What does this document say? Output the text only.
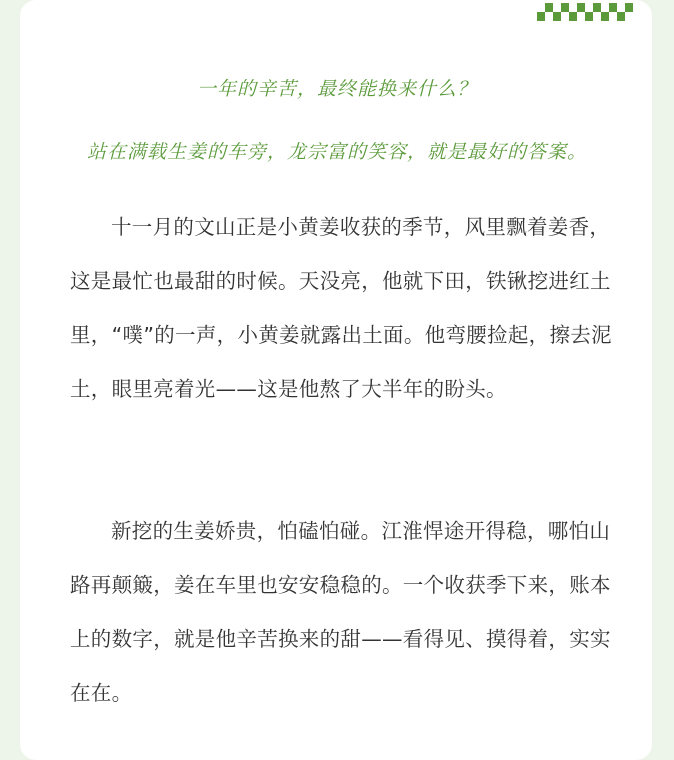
一年的辛苦，最终能换来什么？

站在满载生姜的车旁，龙宗富的笑容，就是最好的答案。

十一月的文山正是小黄姜收获的季节，风里飘着姜香，这是最忙也最甜的时候。天没亮，他就下田，铁锹挖进红土里，“噗”的一声，小黄姜就露出土面。他弯腰捡起，擦去泥土，眼里亮着光——这是他熬了大半年的盼头。

新挖的生姜娇贵，怕磕怕碰。江淮悍途开得稳，哪怕山路再颠簸，姜在车里也安安稳稳的。一个收获季下来，账本上的数字，就是他辛苦换来的甜——看得见、摸得着，实实在在。
